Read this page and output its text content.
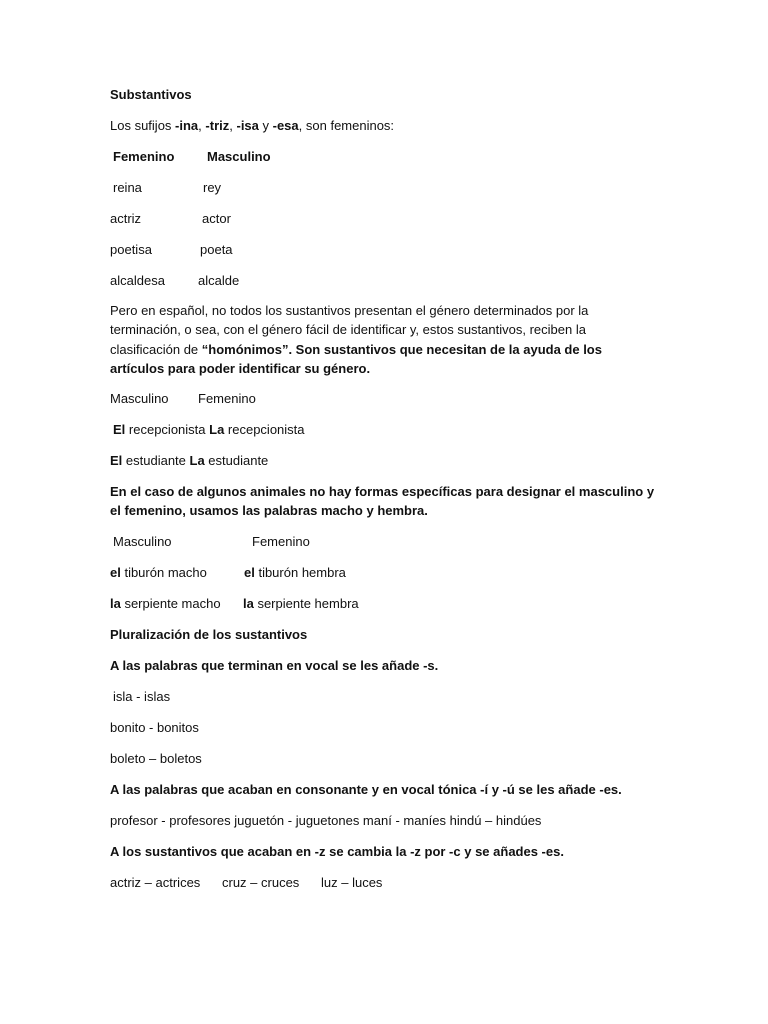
Substantivos
Los sufijos -ina, -triz, -isa y -esa, son femeninos:
Femenino	Masculino
reina	rey
actriz	actor
poetisa	poeta
alcaldesa	alcalde
Pero en español, no todos los sustantivos presentan el género determinados por la terminación, o sea, con el género fácil de identificar y, estos sustantivos, reciben la clasificación de “homónimos”. Son sustantivos que necesitan de la ayuda de los artículos para poder identificar su género.
Masculino Femenino
El recepcionista La recepcionista
El estudiante La estudiante
En el caso de algunos animales no hay formas específicas para designar el masculino y el femenino, usamos las palabras macho y hembra.
Masculino	Femenino
el tiburón macho	el tiburón hembra
la serpiente macho la serpiente hembra
Pluralización de los sustantivos
A las palabras que terminan en vocal se les añade -s.
isla - islas
bonito - bonitos
boleto – boletos
A las palabras que acaban en consonante y en vocal tónica -í y -ú se les añade -es.
profesor - profesores juguetón - juguetones maní - maníes hindú – hindúes
A los sustantivos que acaban en -z se cambia la -z por -c y se añades -es.
actriz – actrices cruz – cruces luz – luces
